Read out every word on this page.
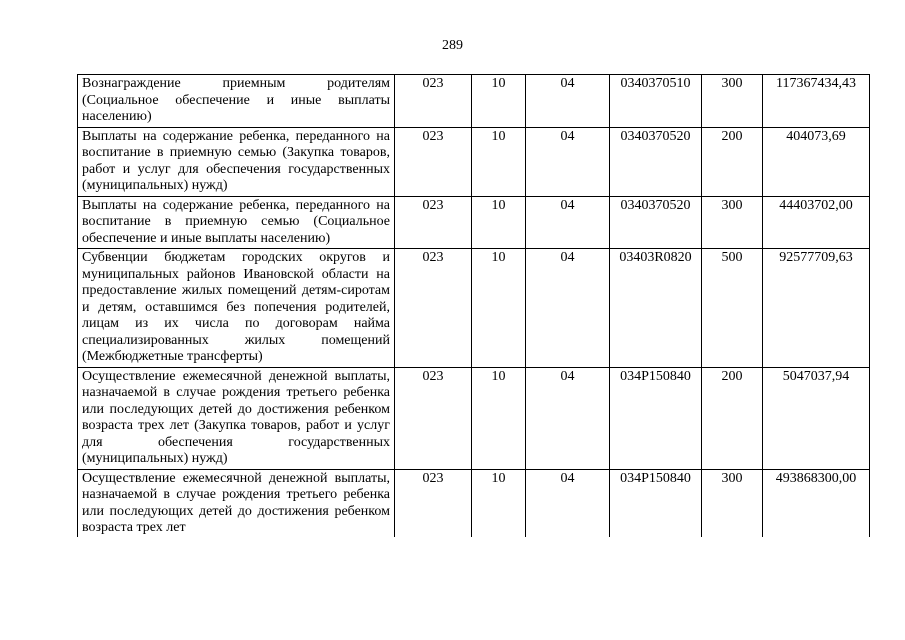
289
Вознаграждение приемным родителям (Социальное обеспечение и иные выплаты населению)	023	10	04	0340370510	300	117367434,43
Выплаты на содержание ребенка, переданного на воспитание в приемную семью (Закупка товаров, работ и услуг для обеспечения государственных (муниципальных) нужд)	023	10	04	0340370520	200	404073,69
Выплаты на содержание ребенка, переданного на воспитание в приемную семью (Социальное обеспечение и иные выплаты населению)	023	10	04	0340370520	300	44403702,00
Субвенции бюджетам городских округов и муниципальных районов Ивановской области на предоставление жилых помещений детям-сиротам и детям, оставшимся без попечения родителей, лицам из их числа по договорам найма специализированных жилых помещений (Межбюджетные трансферты)	023	10	04	03403R0820	500	92577709,63
Осуществление ежемесячной денежной выплаты, назначаемой в случае рождения третьего ребенка или последующих детей до достижения ребенком возраста трех лет (Закупка товаров, работ и услуг для обеспечения государственных (муниципальных) нужд)	023	10	04	034P150840	200	5047037,94

Осуществление ежемесячной денежной выплаты, назначаемой в случае рождения третьего ребенка или последующих детей до достижения ребенком возраста трех лет	023	10	04	034P150840	300	493868300,00
